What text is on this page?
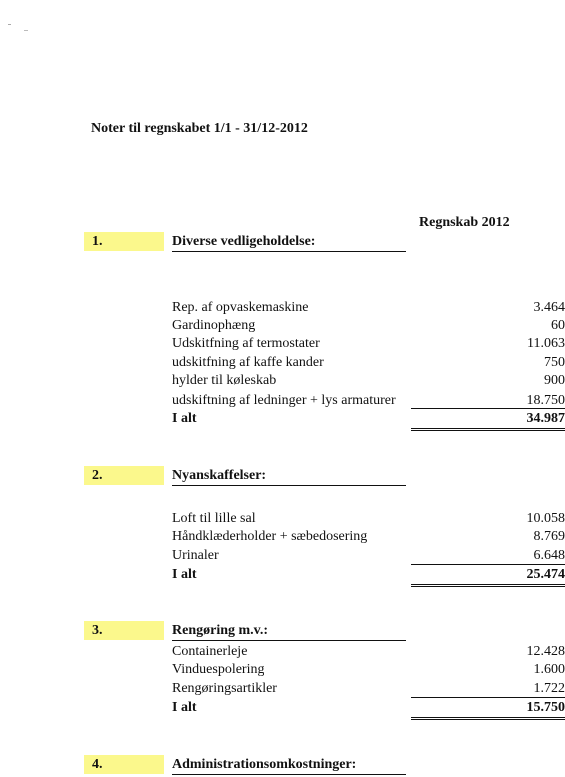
Noter til regnskabet 1/1 - 31/12-2012
Regnskab 2012
1.	Diverse vedligeholdelse:
Rep. af opvaskemaskine	3.464
Gardinophæng	60
Udskitfning af termostater	11.063
udskitfning af kaffe kander	750
hylder til køleskab	900
udskiftning af ledninger + lys armaturer	18.750
I alt	34.987
2.	Nyanskaffelser:
Loft til lille sal	10.058
Håndklæderholder + sæbedosering	8.769
Urinaler	6.648
I alt	25.474
3.	Rengøring m.v.:
Containerleje	12.428
Vinduespolering	1.600
Rengøringsartikler	1.722
I alt	15.750
4.	Administrationsomkostninger:
